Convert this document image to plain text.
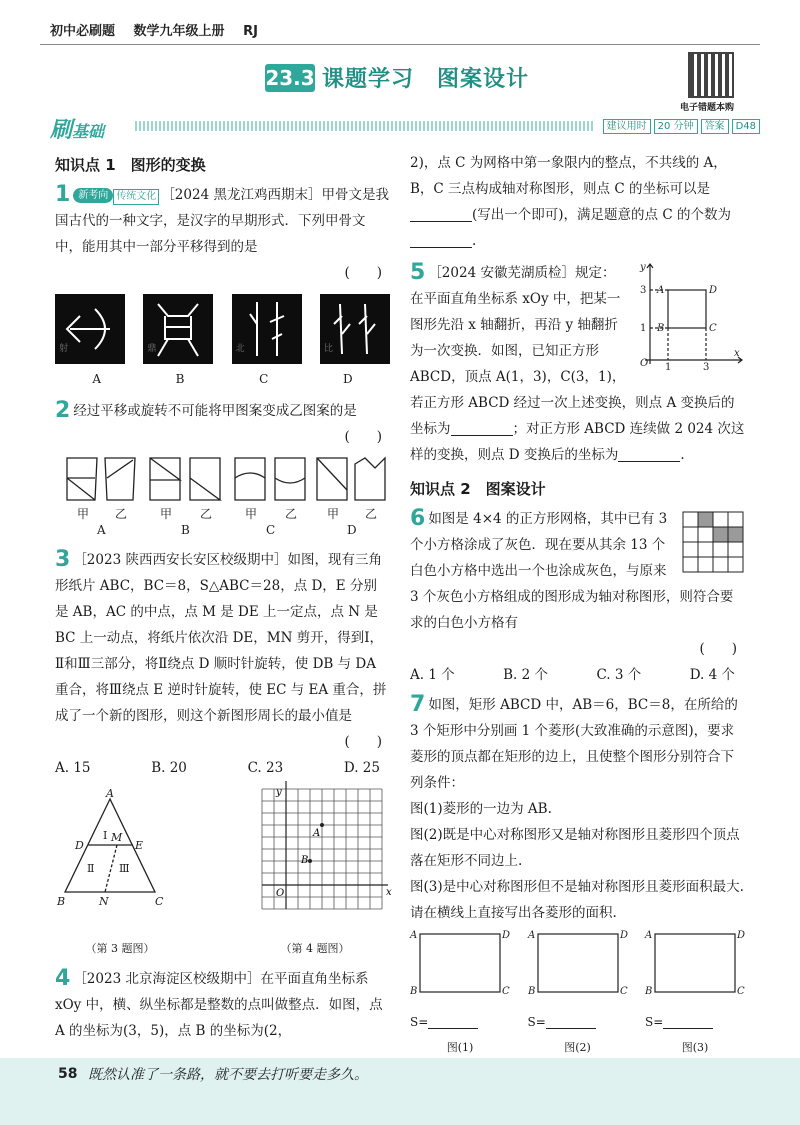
初中必刷题 数学九年级上册 RJ
23.3 课题学习　图案设计
电子错题本购
刷基础	建议用时 20 分钟 答案 D48
知识点 1　图形的变换
1 新考向 传统文化 ［2024 黑龙江鸡西期末］甲骨文是我国古代的一种文字，是汉字的早期形式．下列甲骨文中，能用其中一部分平移得到的是
(　　)
射	鼎	北	比
A	B	C	D
2 经过平移或旋转不可能将甲图案变成乙图案的是
(　　)
甲 乙	甲 乙	甲 乙 甲 乙
A	B	C	D
3 ［2023 陕西西安长安区校级期中］如图，现有三角形纸片 ABC，BC＝8，S△ABC＝28，点 D，E 分别是 AB，AC 的中点，点 M 是 DE 上一定点，点 N 是 BC 上一动点，将纸片依次沿 DE，MN 剪开，得到Ⅰ，Ⅱ和Ⅲ三部分，将Ⅱ绕点 D 顺时针旋转，使 DB 与 DA 重合，将Ⅲ绕点 E 逆时针旋转，使 EC 与 EA 重合，拼成了一个新的图形，则这个新图形周长的最小值是
(　　)
A. 15	B. 20	C. 23	D. 25
A
B	C
D	E
M
N
Ⅰ
Ⅱ Ⅲ
（第 3 题图）
x
y
O
A
B
（第 4 题图）
4 ［2023 北京海淀区校级期中］在平面直角坐标系 xOy 中，横、纵坐标都是整数的点叫做整点．如图，点 A 的坐标为(3，5)，点 B 的坐标为(2，
2)，点 C 为网格中第一象限内的整点，不共线的 A，B，C 三点构成轴对称图形，则点 C 的坐标可以是(写出一个即可)，满足题意的点 C 的个数为.
y
x
O 1	3
1
3 A
B	C
D
5 ［2024 安徽芜湖质检］规定：在平面直角坐标系 xOy 中，把某一图形先沿 x 轴翻折，再沿 y 轴翻折为一次变换．如图，已知正方形 ABCD，顶点 A(1，3)，C(3，1)，若正方形 ABCD 经过一次上述变换，则点 A 变换后的坐标为	；对正方形 ABCD 连续做 2 024 次这样的变换，则点 D 变换后的坐标为	.
知识点 2　图案设计
6 如图是 4×4 的正方形网格，其中已有 3 个小方格涂成了灰色．现在要从其余 13 个白色小方格中选出一个也涂成灰色，与原来 3 个灰色小方格组成的图形成为轴对称图形，则符合要求的白色小方格有
(　　)
A. 1 个	B. 2 个	C. 3 个	D. 4 个
7 如图，矩形 ABCD 中，AB＝6，BC＝8，在所给的 3 个矩形中分别画 1 个菱形(大致准确的示意图)，要求菱形的顶点都在矩形的边上，且使整个图形分别符合下列条件：
图(1)菱形的一边为 AB.
图(2)既是中心对称图形又是轴对称图形且菱形四个顶点落在矩形不同边上.
图(3)是中心对称图形但不是轴对称图形且菱形面积最大.
请在横线上直接写出各菱形的面积.
A	D
B	C
S=
图(1)
A	D
B	C
S=
图(2)
A	D
B	C
S=
图(3)
58 既然认准了一条路，就不要去打听要走多久。
